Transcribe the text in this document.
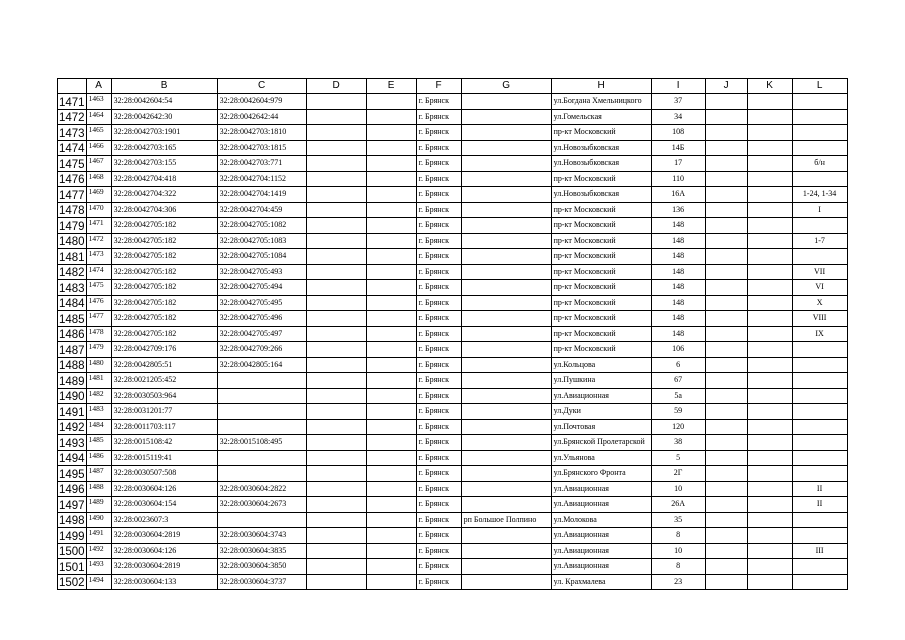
	A	B	C	D	E	F	G	H	I	J	K	L
1471	1463	32:28:0042604:54	32:28:0042604:979			г. Брянск		ул.Богдана Хмельницкого	37			
1472	1464	32:28:0042642:30	32:28:0042642:44			г. Брянск		ул.Гомельская	34			
1473	1465	32:28:0042703:1901	32:28:0042703:1810			г. Брянск		пр-кт Московский	108			
1474	1466	32:28:0042703:165	32:28:0042703:1815			г. Брянск		ул.Новозыбковская	14Б			
1475	1467	32:28:0042703:155	32:28:0042703:771			г. Брянск		ул.Новозыбковская	17			б/н
1476	1468	32:28:0042704:418	32:28:0042704:1152			г. Брянск		пр-кт Московский	110			
1477	1469	32:28:0042704:322	32:28:0042704:1419			г. Брянск		ул.Новозыбковская	16А			1-24, 1-34
1478	1470	32:28:0042704:306	32:28:0042704:459			г. Брянск		пр-кт Московский	136			I
1479	1471	32:28:0042705:182	32:28:0042705:1082			г. Брянск		пр-кт Московский	148			
1480	1472	32:28:0042705:182	32:28:0042705:1083			г. Брянск		пр-кт Московский	148			1-7
1481	1473	32:28:0042705:182	32:28:0042705:1084			г. Брянск		пр-кт Московский	148			
1482	1474	32:28:0042705:182	32:28:0042705:493			г. Брянск		пр-кт Московский	148			VII
1483	1475	32:28:0042705:182	32:28:0042705:494			г. Брянск		пр-кт Московский	148			VI
1484	1476	32:28:0042705:182	32:28:0042705:495			г. Брянск		пр-кт Московский	148			X
1485	1477	32:28:0042705:182	32:28:0042705:496			г. Брянск		пр-кт Московский	148			VIII
1486	1478	32:28:0042705:182	32:28:0042705:497			г. Брянск		пр-кт Московский	148			IX
1487	1479	32:28:0042709:176	32:28:0042709:266			г. Брянск		пр-кт Московский	106			
1488	1480	32:28:0042805:51	32:28:0042805:164			г. Брянск		ул.Кольцова	6			
1489	1481	32:28:0021205:452				г. Брянск		ул.Пушкина	67			
1490	1482	32:28:0030503:964				г. Брянск		ул.Авиационная	5а			
1491	1483	32:28:0031201:77				г. Брянск		ул.Дуки	59			
1492	1484	32:28:0011703:117				г. Брянск		ул.Почтовая	120			
1493	1485	32:28:0015108:42	32:28:0015108:495			г. Брянск		ул.Брянской Пролетарской	38			
1494	1486	32:28:0015119:41				г. Брянск		ул.Ульянова	5			
1495	1487	32:28:0030507:508				г. Брянск		ул.Брянского Фронта	2Г			
1496	1488	32:28:0030604:126	32:28:0030604:2822			г. Брянск		ул.Авиационная	10			II
1497	1489	32:28:0030604:154	32:28:0030604:2673			г. Брянск		ул.Авиационная	26А			II
1498	1490	32:28:0023607:3				г. Брянск	рп Большое Полпино	ул.Молокова	35			
1499	1491	32:28:0030604:2819	32:28:0030604:3743			г. Брянск		ул.Авиационная	8			
1500	1492	32:28:0030604:126	32:28:0030604:3835			г. Брянск		ул.Авиационная	10			III
1501	1493	32:28:0030604:2819	32:28:0030604:3850			г. Брянск		ул.Авиационная	8			
1502	1494	32:28:0030604:133	32:28:0030604:3737			г. Брянск		ул. Крахмалева	23			
